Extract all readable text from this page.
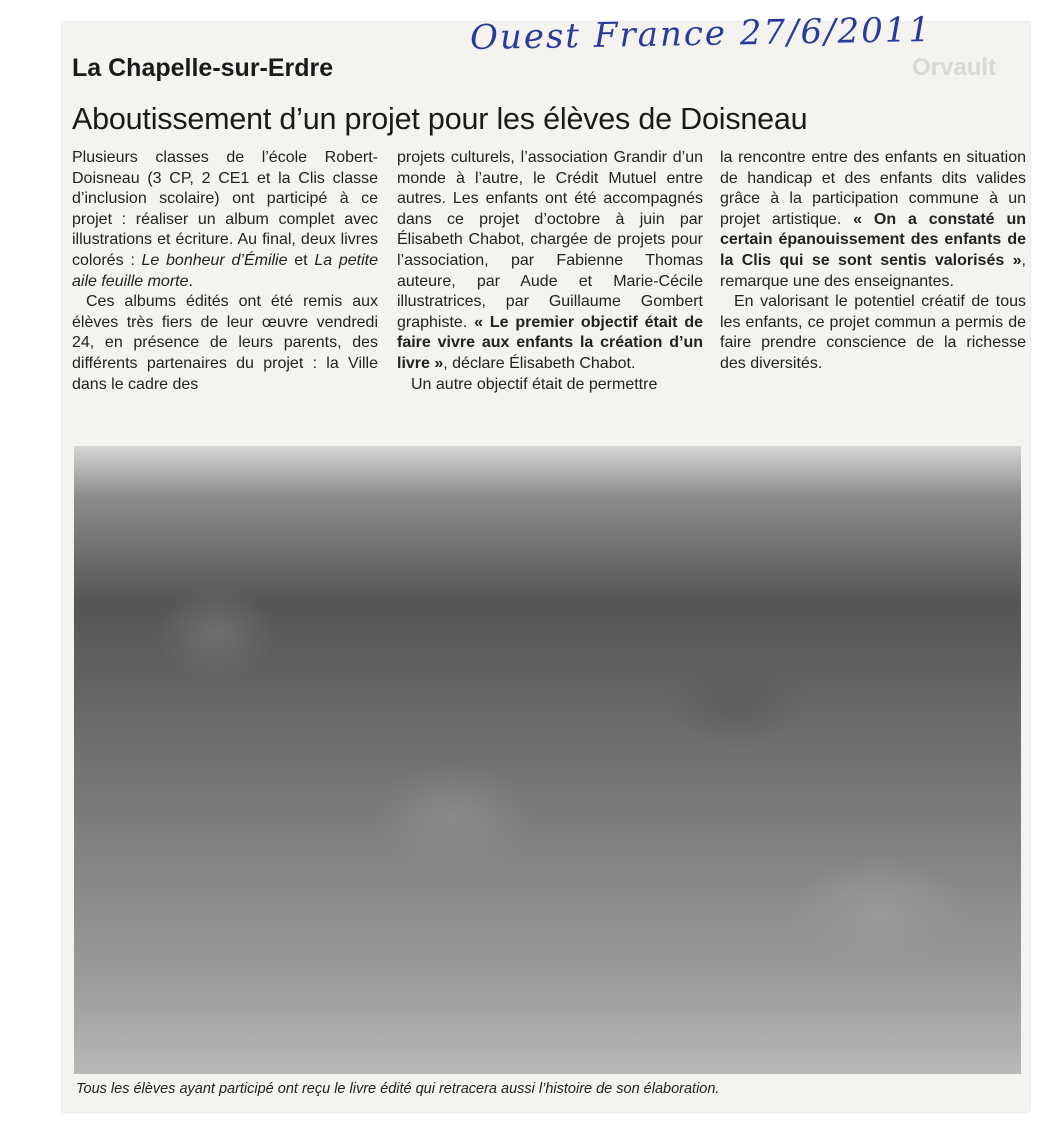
Orvault
Ouest France 27/6/2011
La Chapelle-sur-Erdre
Aboutissement d’un projet pour les élèves de Doisneau

Plusieurs classes de l’école Robert-Doisneau (3 CP, 2 CE1 et la Clis classe d’inclusion scolaire) ont participé à ce projet : réaliser un album complet avec illustrations et écriture. Au final, deux livres colorés : Le bonheur d’Émilie et La petite aile feuille morte.

Ces albums édités ont été remis aux élèves très fiers de leur œuvre vendredi 24, en présence de leurs parents, des différents partenaires du projet : la Ville dans le cadre des

projets culturels, l’association Grandir d’un monde à l’autre, le Crédit Mutuel entre autres. Les enfants ont été accompagnés dans ce projet d’octobre à juin par Élisabeth Chabot, chargée de projets pour l’association, par Fabienne Thomas auteure, par Aude et Marie-Cécile illustratrices, par Guillaume Gombert graphiste. « Le premier objectif était de faire vivre aux enfants la création d’un livre », déclare Élisabeth Chabot.

Un autre objectif était de permettre

la rencontre entre des enfants en situation de handicap et des enfants dits valides grâce à la participation commune à un projet artistique. « On a constaté un certain épanouissement des enfants de la Clis qui se sont sentis valorisés », remarque une des enseignantes.

En valorisant le potentiel créatif de tous les enfants, ce projet commun a permis de faire prendre conscience de la richesse des diversités.

Tous les élèves ayant participé ont reçu le livre édité qui retracera aussi l’histoire de son élaboration.
